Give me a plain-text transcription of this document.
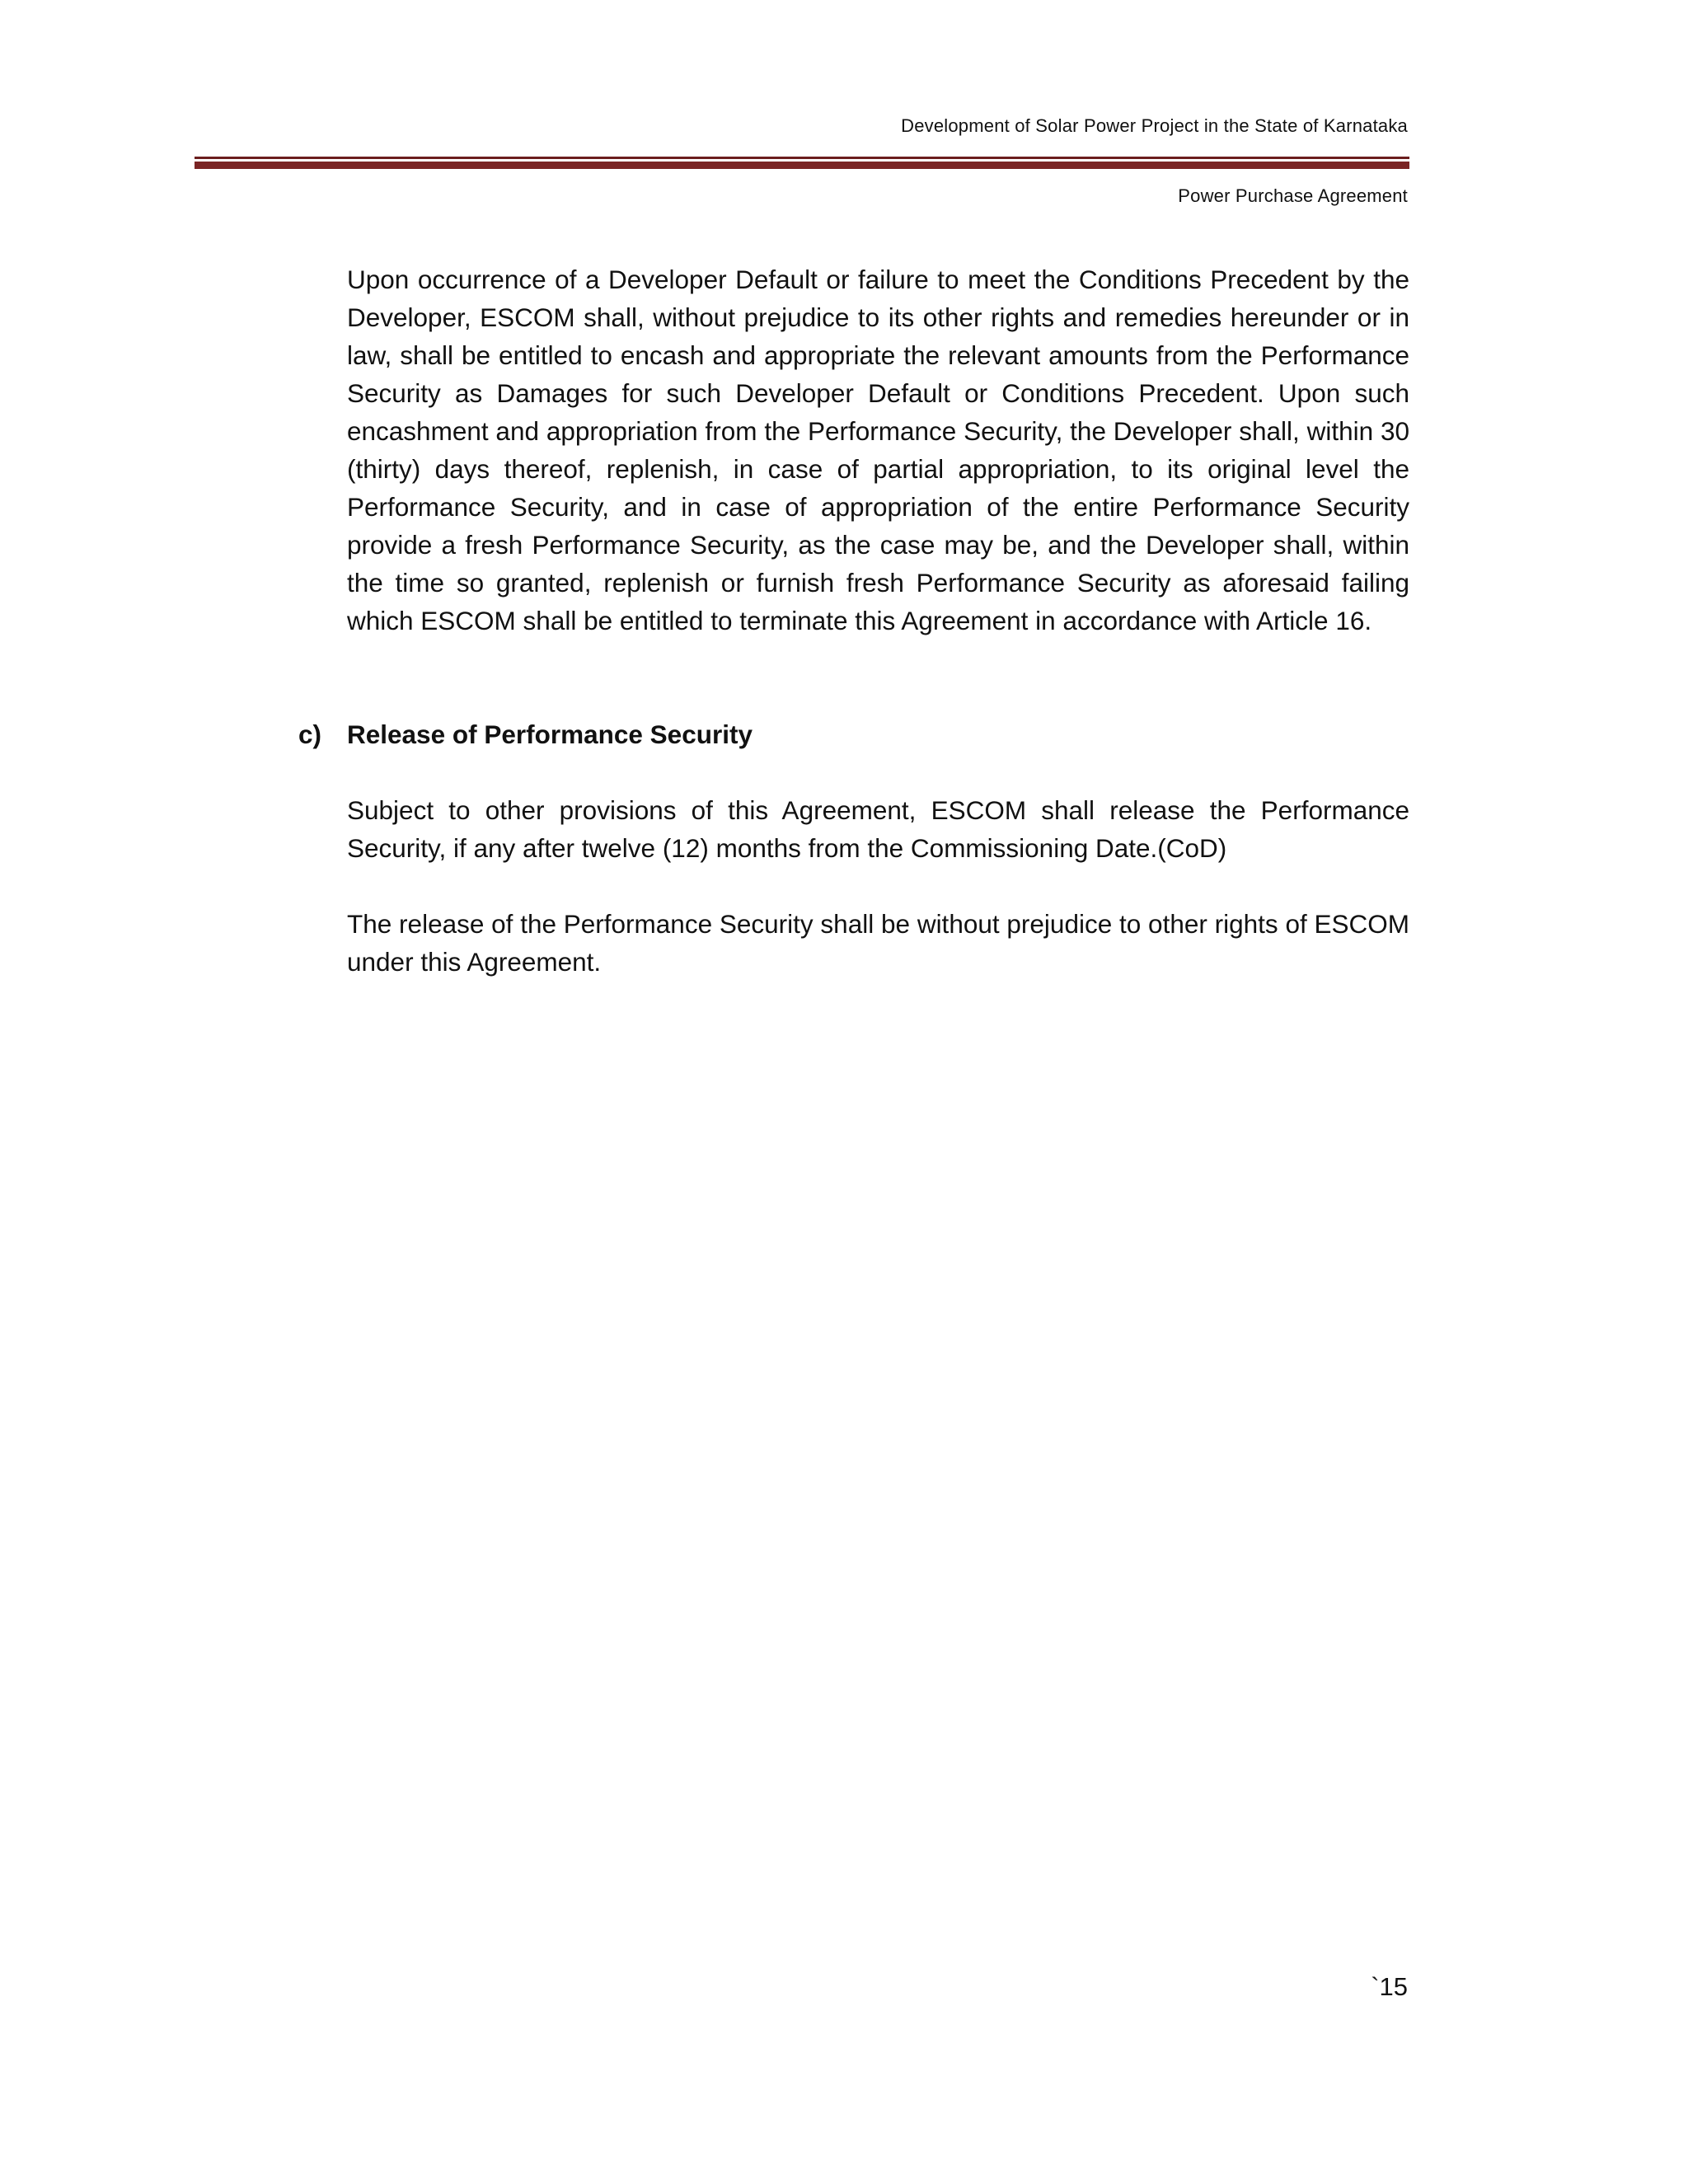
Development of Solar Power Project in the State of Karnataka
Power Purchase Agreement
Upon occurrence of a Developer Default or failure to meet the Conditions Precedent by the Developer, ESCOM shall, without prejudice to its other rights and remedies hereunder or in law, shall be entitled to encash and appropriate the relevant amounts from the Performance Security as Damages for such Developer Default or Conditions Precedent. Upon such encashment and appropriation from the Performance Security, the Developer shall, within 30 (thirty) days thereof, replenish, in case of partial appropriation, to its original level the Performance Security, and in case of appropriation of the entire Performance Security provide a fresh Performance Security, as the case may be, and the Developer shall, within the time so granted, replenish or furnish fresh Performance Security as aforesaid failing which ESCOM shall be entitled to terminate this Agreement in accordance with Article 16.
c) Release of Performance Security
Subject to other provisions of this Agreement, ESCOM shall release the Performance Security, if any after twelve (12) months from the Commissioning Date.(CoD)
The release of the Performance Security shall be without prejudice to other rights of ESCOM under this Agreement.
`15
